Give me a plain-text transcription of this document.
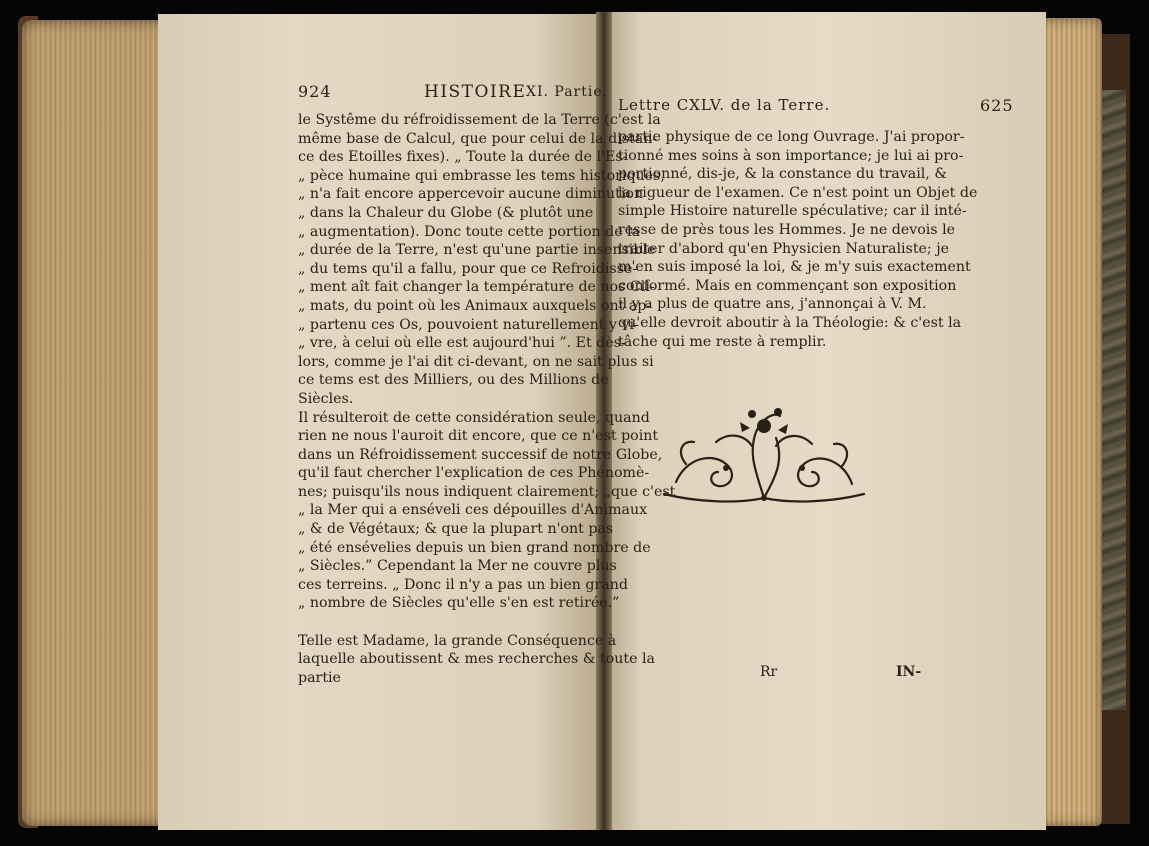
924	HISTOIRE XI. Partie.
le Systême du réfroidissement de la Terre (c'est la
même base de Calcul, que pour celui de la distan-
ce des Etoilles fixes). „ Toute la durée de l'Es-
„ pèce humaine qui embrasse les tems historiques,
„ n'a fait encore appercevoir aucune diminution
„ dans la Chaleur du Globe (& plutôt une
„ augmentation). Donc toute cette portion de la
„ durée de la Terre, n'est qu'une partie insensible
„ du tems qu'il a fallu, pour que ce Refroidisse-
„ ment aît fait changer la température de nos Cli-
„ mats, du point où les Animaux auxquels ont ap-
„ partenu ces Os, pouvoient naturellement y vi-
„ vre, à celui où elle est aujourd'hui ”. Et dès-
lors, comme je l'ai dit ci-devant, on ne sait plus si
ce tems est des Milliers, ou des Millions de
Siècles.
Il résulteroit de cette considération seule, quand
rien ne nous l'auroit dit encore, que ce n'est point
dans un Réfroidissement successif de notre Globe,
qu'il faut chercher l'explication de ces Phénomè-
nes; puisqu'ils nous indiquent clairement; „que c'est
„ la Mer qui a enséveli ces dépouilles d'Animaux
„ & de Végétaux; & que la plupart n'ont pas
„ été ensévelies depuis un bien grand nombre de
„ Siècles.” Cependant la Mer ne couvre plus
ces terreins. „ Donc il n'y a pas un bien grand
„ nombre de Siècles qu'elle s'en est retirée.”
Telle est Madame, la grande Conséquence à
laquelle aboutissent & mes recherches & toute la
partie
Lettre CXLV. de la Terre.	625
partie physique de ce long Ouvrage. J'ai propor-
tionné mes soins à son importance; je lui ai pro-
portionné, dis-je, & la constance du travail, &
la rigueur de l'examen. Ce n'est point un Objet de
simple Histoire naturelle spéculative; car il inté-
resse de près tous les Hommes. Je ne devois le
traiter d'abord qu'en Physicien Naturaliste; je
m'en suis imposé la loi, & je m'y suis exactement
conformé. Mais en commençant son exposition
il y a plus de quatre ans, j'annonçai à V. M.
qu'elle devroit aboutir à la Théologie: & c'est la
tâche qui me reste à remplir.
Rr	IN-
